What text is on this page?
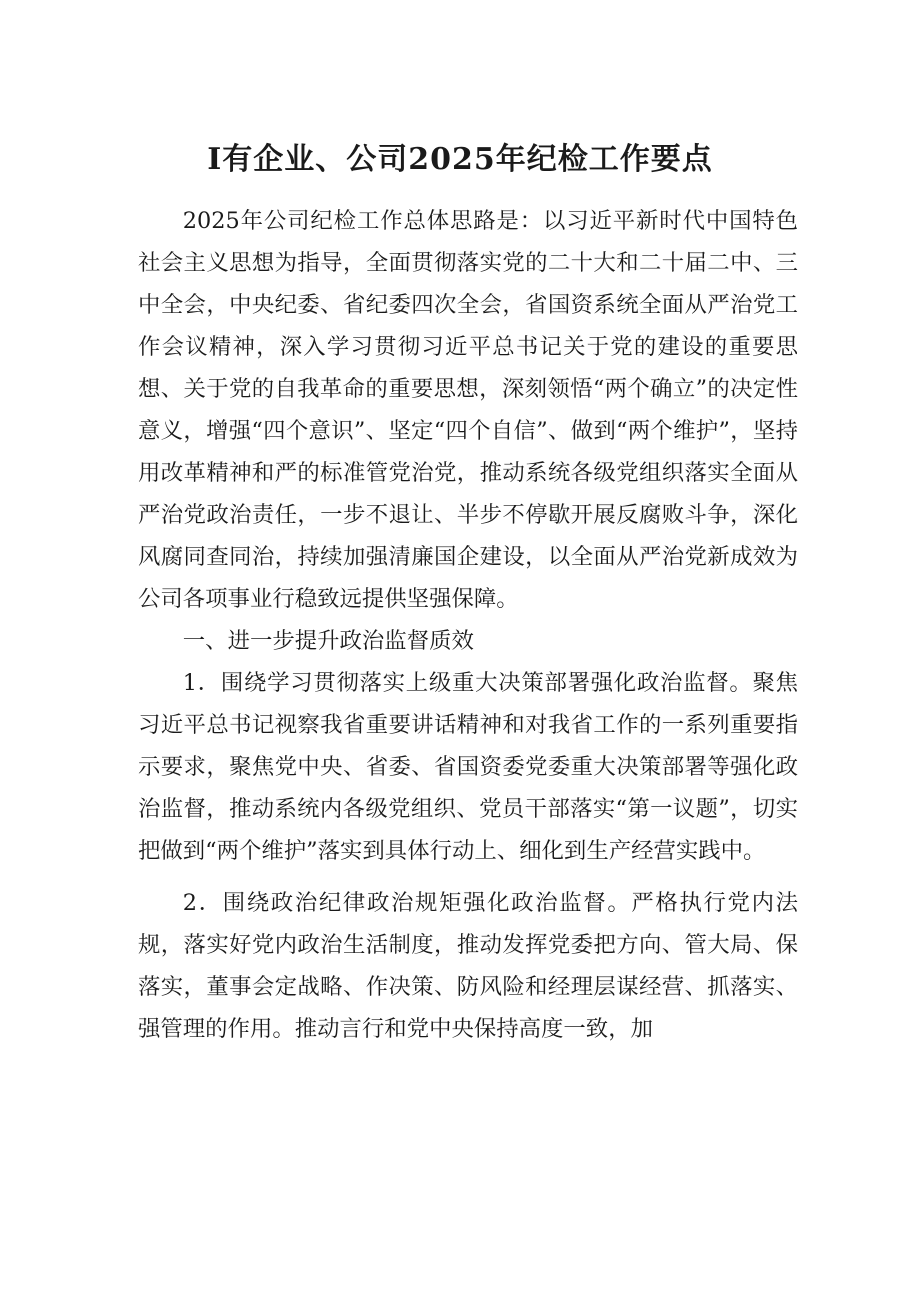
I有企业、公司2025年纪检工作要点

2025年公司纪检工作总体思路是：以习近平新时代中国特色社会主义思想为指导，全面贯彻落实党的二十大和二十届二中、三中全会，中央纪委、省纪委四次全会，省国资系统全面从严治党工作会议精神，深入学习贯彻习近平总书记关于党的建设的重要思想、关于党的自我革命的重要思想，深刻领悟“两个确立”的决定性意义，增强“四个意识”、坚定“四个自信”、做到“两个维护”，坚持用改革精神和严的标准管党治党，推动系统各级党组织落实全面从严治党政治责任，一步不退让、半步不停歇开展反腐败斗争，深化风腐同查同治，持续加强清廉国企建设，以全面从严治党新成效为公司各项事业行稳致远提供坚强保障。

一、进一步提升政治监督质效

1．围绕学习贯彻落实上级重大决策部署强化政治监督。聚焦习近平总书记视察我省重要讲话精神和对我省工作的一系列重要指示要求，聚焦党中央、省委、省国资委党委重大决策部署等强化政治监督，推动系统内各级党组织、党员干部落实“第一议题”，切实把做到“两个维护”落实到具体行动上、细化到生产经营实践中。

2．围绕政治纪律政治规矩强化政治监督。严格执行党内法规，落实好党内政治生活制度，推动发挥党委把方向、管大局、保落实，董事会定战略、作决策、防风险和经理层谋经营、抓落实、强管理的作用。推动言行和党中央保持高度一致，加
